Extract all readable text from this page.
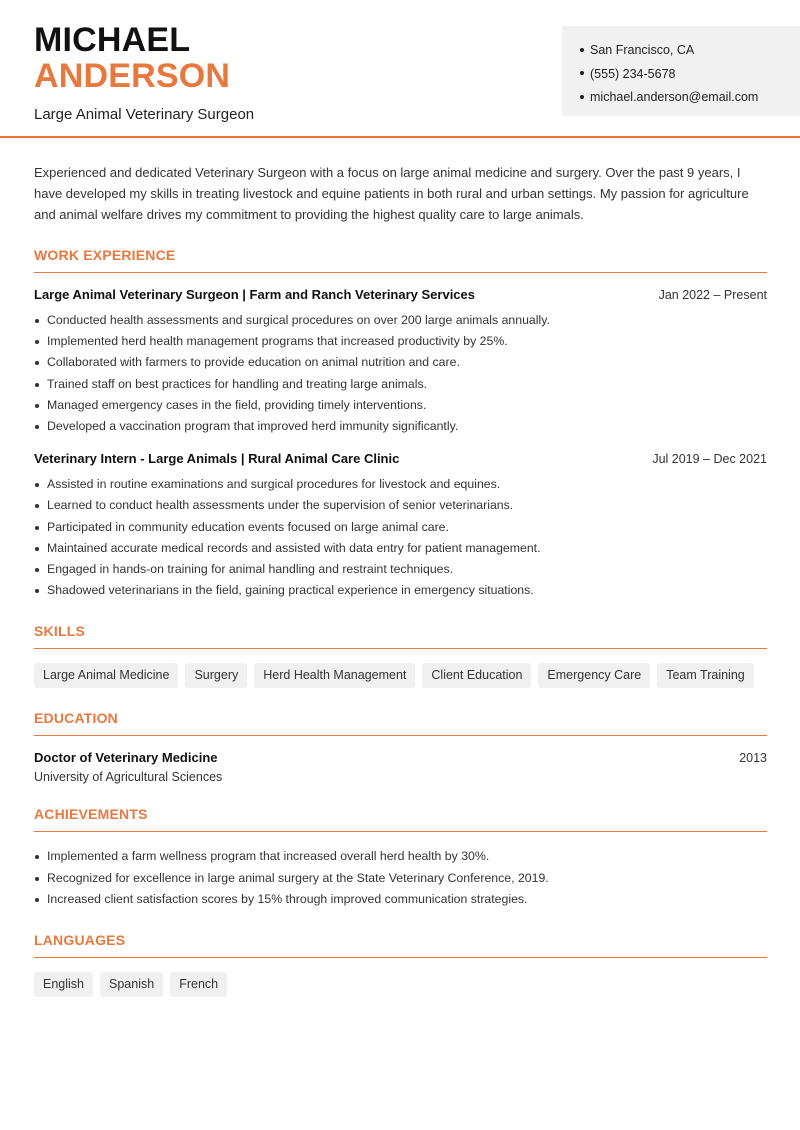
MICHAEL
ANDERSON
Large Animal Veterinary Surgeon
San Francisco, CA
(555) 234-5678
michael.anderson@email.com

Experienced and dedicated Veterinary Surgeon with a focus on large animal medicine and surgery. Over the past 9 years, I have developed my skills in treating livestock and equine patients in both rural and urban settings. My passion for agriculture and animal welfare drives my commitment to providing the highest quality care to large animals.

WORK EXPERIENCE
Large Animal Veterinary Surgeon | Farm and Ranch Veterinary Services	Jan 2022 – Present
Conducted health assessments and surgical procedures on over 200 large animals annually.
Implemented herd health management programs that increased productivity by 25%.
Collaborated with farmers to provide education on animal nutrition and care.
Trained staff on best practices for handling and treating large animals.
Managed emergency cases in the field, providing timely interventions.
Developed a vaccination program that improved herd immunity significantly.
Veterinary Intern - Large Animals | Rural Animal Care Clinic	Jul 2019 – Dec 2021
Assisted in routine examinations and surgical procedures for livestock and equines.
Learned to conduct health assessments under the supervision of senior veterinarians.
Participated in community education events focused on large animal care.
Maintained accurate medical records and assisted with data entry for patient management.
Engaged in hands-on training for animal handling and restraint techniques.
Shadowed veterinarians in the field, gaining practical experience in emergency situations.
SKILLS
Large Animal Medicine	Surgery	Herd Health Management	Client Education	Emergency Care	Team Training
EDUCATION
Doctor of Veterinary Medicine	2013
University of Agricultural Sciences
ACHIEVEMENTS
Implemented a farm wellness program that increased overall herd health by 30%.
Recognized for excellence in large animal surgery at the State Veterinary Conference, 2019.
Increased client satisfaction scores by 15% through improved communication strategies.
LANGUAGES
English	Spanish	French
